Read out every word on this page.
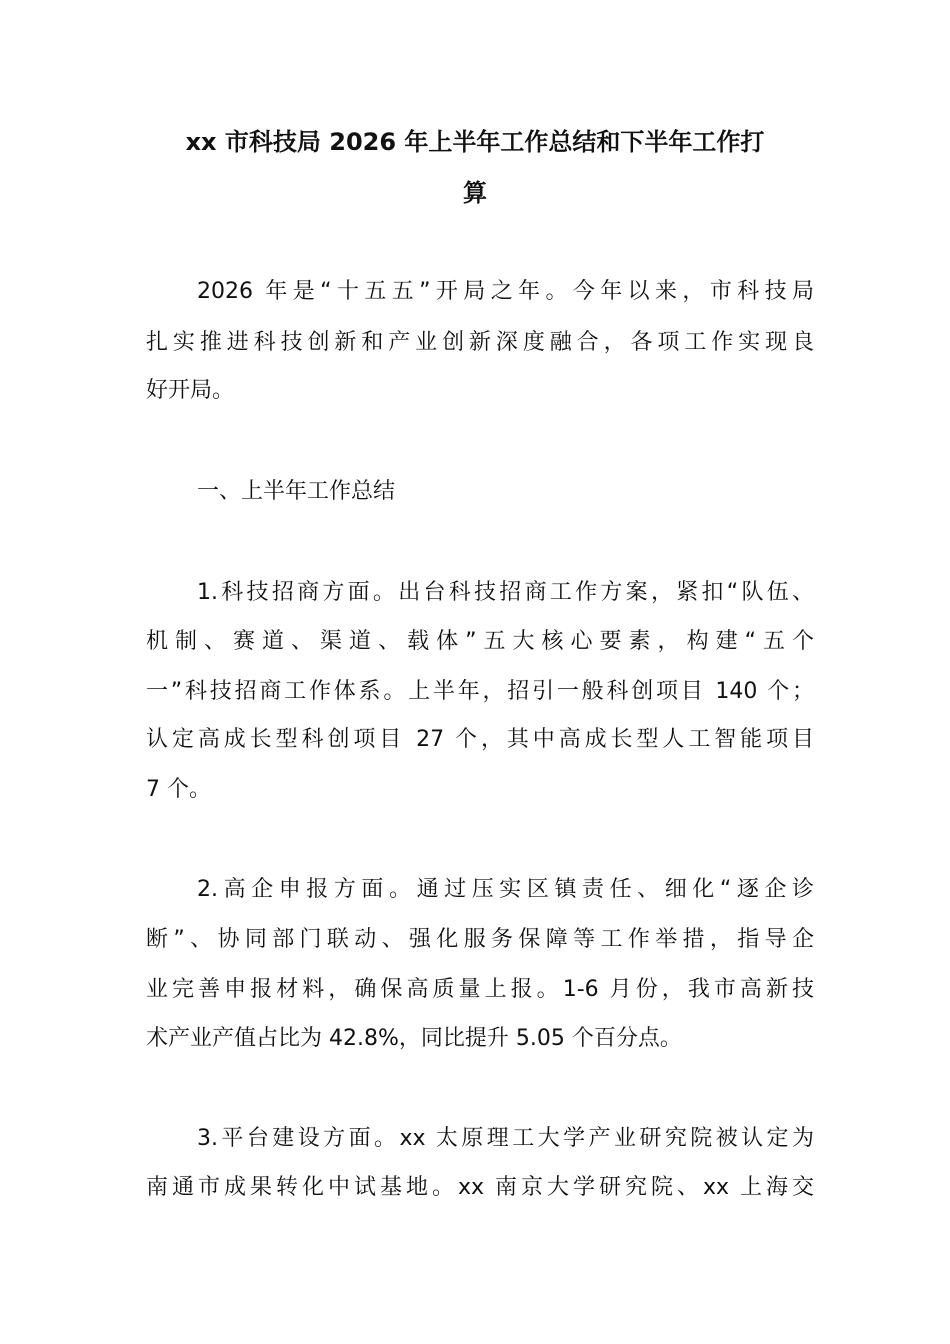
xx 市科技局 2026 年上半年工作总结和下半年工作打
算
2026 年是“十五五”开局之年。今年以来，市科技局
扎实推进科技创新和产业创新深度融合，各项工作实现良
好开局。
一、上半年工作总结
1.科技招商方面。出台科技招商工作方案，紧扣“队伍、
机制、赛道、渠道、载体”五大核心要素，构建“五个
一”科技招商工作体系。上半年，招引一般科创项目 140 个；
认定高成长型科创项目 27 个，其中高成长型人工智能项目
7 个。
2.高企申报方面。通过压实区镇责任、细化“逐企诊
断”、协同部门联动、强化服务保障等工作举措，指导企
业完善申报材料，确保高质量上报。1-6 月份，我市高新技
术产业产值占比为 42.8%，同比提升 5.05 个百分点。
3.平台建设方面。xx 太原理工大学产业研究院被认定为
南通市成果转化中试基地。xx 南京大学研究院、xx 上海交
